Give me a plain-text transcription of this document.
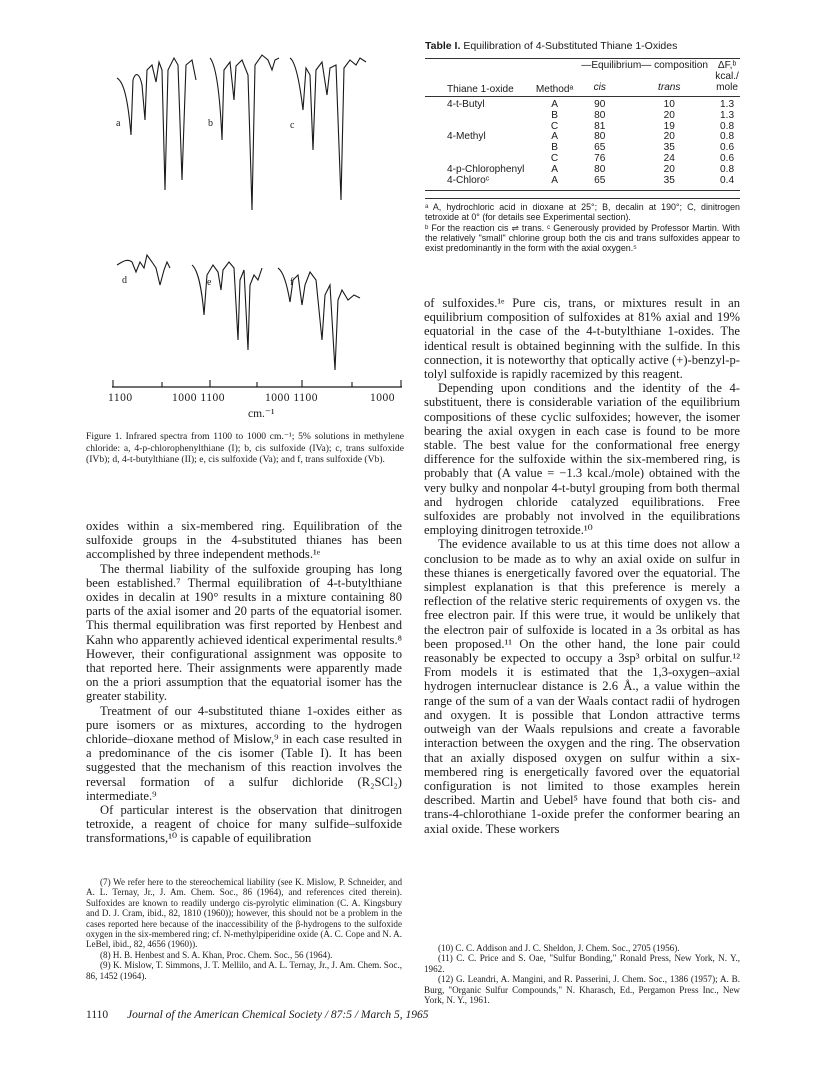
a	b	c
d	e	f
1100	1000 1100	1000 1100	1000
cm.⁻¹
Figure 1. Infrared spectra from 1100 to 1000 cm.⁻¹; 5% solutions in methylene chloride: a, 4-p-chlorophenylthiane (I); b, cis sulfoxide (IVa); c, trans sulfoxide (IVb); d, 4-t-butylthiane (II); e, cis sulfoxide (Va); and f, trans sulfoxide (Vb).
Table I. Equilibration of 4-Substituted Thiane 1-Oxides
Thiane 1-oxide	Methodᵃ	—Equilibrium— composition		ΔF,ᵇ
				kcal./
		cis	trans	mole
4-t-Butyl	A	90	10	1.3
	B	80	20	1.3
	C	81	19	0.8
4-Methyl	A	80	20	0.8
	B	65	35	0.6
	C	76	24	0.6
4-p-Chlorophenyl	A	80	20	0.8
4-Chloroᶜ	A	65	35	0.4
ᵃ A, hydrochloric acid in dioxane at 25°; B, decalin at 190°; C, dinitrogen tetroxide at 0° (for details see Experimental section).
ᵇ For the reaction cis ⇌ trans. ᶜ Generously provided by Professor Martin. With the relatively "small" chlorine group both the cis and trans sulfoxides appear to exist predominantly in the form with the axial oxygen.⁵

of sulfoxides.¹ᵉ Pure cis, trans, or mixtures result in an equilibrium composition of sulfoxides at 81% axial and 19% equatorial in the case of the 4-t-butylthiane 1-oxides. The identical result is obtained beginning with the sulfide. In this connection, it is noteworthy that optically active (+)-benzyl-p-tolyl sulfoxide is rapidly racemized by this reagent.

Depending upon conditions and the identity of the 4-substituent, there is considerable variation of the equilibrium compositions of these cyclic sulfoxides; however, the isomer bearing the axial oxygen in each case is found to be more stable. The best value for the conformational free energy difference for the sulfoxide within the six-membered ring, is probably that (A value = −1.3 kcal./mole) obtained with the very bulky and nonpolar 4-t-butyl grouping from both thermal and hydrogen chloride catalyzed equilibrations. Free sulfoxides are probably not involved in the equilibrations employing dinitrogen tetroxide.¹⁰

The evidence available to us at this time does not allow a conclusion to be made as to why an axial oxide on sulfur in these thianes is energetically favored over the equatorial. The simplest explanation is that this preference is merely a reflection of the relative steric requirements of oxygen vs. the free electron pair. If this were true, it would be unlikely that the electron pair of sulfoxide is located in a 3s orbital as has been proposed.¹¹ On the other hand, the lone pair could reasonably be expected to occupy a 3sp³ orbital on sulfur.¹² From models it is estimated that the 1,3-oxygen–axial hydrogen internuclear distance is 2.6 Å., a value within the range of the sum of a van der Waals contact radii of hydrogen and oxygen. It is possible that London attractive terms outweigh van der Waals repulsions and create a favorable interaction between the oxygen and the ring. The observation that an axially disposed oxygen on sulfur within a six-membered ring is energetically favored over the equatorial configuration is not limited to those examples herein described. Martin and Uebel⁵ have found that both cis- and trans-4-chlorothiane 1-oxide prefer the conformer bearing an axial oxide. These workers

oxides within a six-membered ring. Equilibration of the sulfoxide groups in the 4-substituted thianes has been accomplished by three independent methods.¹ᵉ

The thermal liability of the sulfoxide grouping has long been established.⁷ Thermal equilibration of 4-t-butylthiane oxides in decalin at 190° results in a mixture containing 80 parts of the axial isomer and 20 parts of the equatorial isomer. This thermal equilibration was first reported by Henbest and Kahn who apparently achieved identical experimental results.⁸ However, their configurational assignment was opposite to that reported here. Their assignments were apparently made on the a priori assumption that the equatorial isomer has the greater stability.

Treatment of our 4-substituted thiane 1-oxides either as pure isomers or as mixtures, according to the hydrogen chloride–dioxane method of Mislow,⁹ in each case resulted in a predominance of the cis isomer (Table I). It has been suggested that the mechanism of this reaction involves the reversal formation of a sulfur dichloride (R₂SCl₂) intermediate.⁹

Of particular interest is the observation that dinitrogen tetroxide, a reagent of choice for many sulfide–sulfoxide transformations,¹⁰ is capable of equilibration

(7) We refer here to the stereochemical liability (see K. Mislow, P. Schneider, and A. L. Ternay, Jr., J. Am. Chem. Soc., 86 (1964), and references cited therein). Sulfoxides are known to readily undergo cis-pyrolytic elimination (C. A. Kingsbury and D. J. Cram, ibid., 82, 1810 (1960)); however, this should not be a problem in the cases reported here because of the inaccessibility of the β-hydrogens to the sulfoxide oxygen in the six-membered ring; cf. N-methylpiperidine oxide (A. C. Cope and N. A. LeBel, ibid., 82, 4656 (1960)).

(8) H. B. Henbest and S. A. Khan, Proc. Chem. Soc., 56 (1964).

(9) K. Mislow, T. Simmons, J. T. Mellilo, and A. L. Ternay, Jr., J. Am. Chem. Soc., 86, 1452 (1964).

(10) C. C. Addison and J. C. Sheldon, J. Chem. Soc., 2705 (1956).

(11) C. C. Price and S. Oae, "Sulfur Bonding," Ronald Press, New York, N. Y., 1962.

(12) G. Leandri, A. Mangini, and R. Passerini, J. Chem. Soc., 1386 (1957); A. B. Burg, "Organic Sulfur Compounds," N. Kharasch, Ed., Pergamon Press Inc., New York, N. Y., 1961.

1110 Journal of the American Chemical Society / 87:5 / March 5, 1965
